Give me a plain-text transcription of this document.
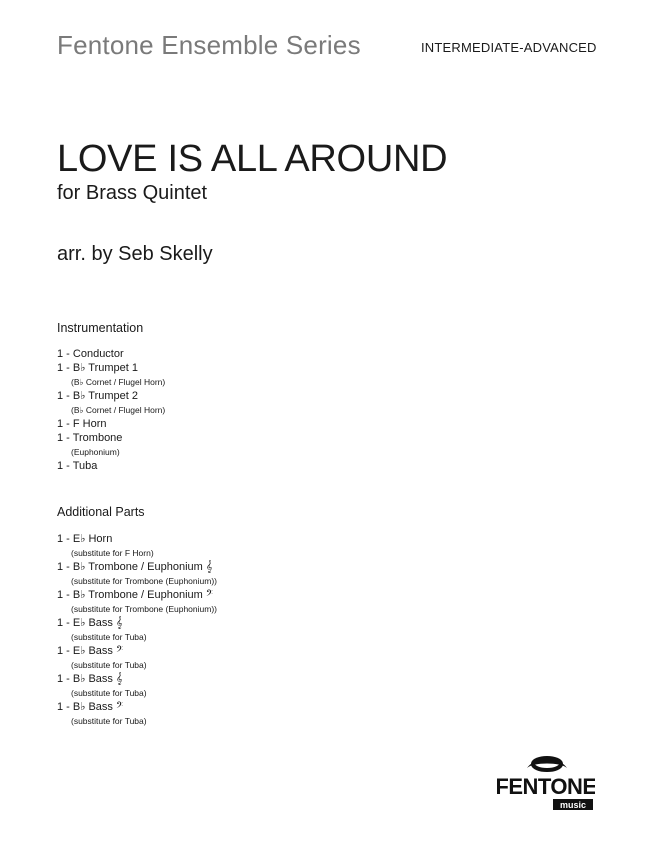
Fentone Ensemble Series	INTERMEDIATE-ADVANCED
LOVE IS ALL AROUND
for Brass Quintet
arr. by Seb Skelly
Instrumentation
1 - Conductor
1 - B♭ Trumpet 1
(B♭ Cornet / Flugel Horn)
1 - B♭ Trumpet 2
(B♭ Cornet / Flugel Horn)
1 - F Horn
1 - Trombone
(Euphonium)
1 - Tuba
Additional Parts
1 - E♭ Horn
(substitute for F Horn)
1 - B♭ Trombone / Euphonium 𝄞
(substitute for Trombone (Euphonium))
1 - B♭ Trombone / Euphonium 𝄢
(substitute for Trombone (Euphonium))
1 - E♭ Bass 𝄞
(substitute for Tuba)
1 - E♭ Bass 𝄢
(substitute for Tuba)
1 - B♭ Bass 𝄞
(substitute for Tuba)
1 - B♭ Bass 𝄢
(substitute for Tuba)
FENTONE
music
